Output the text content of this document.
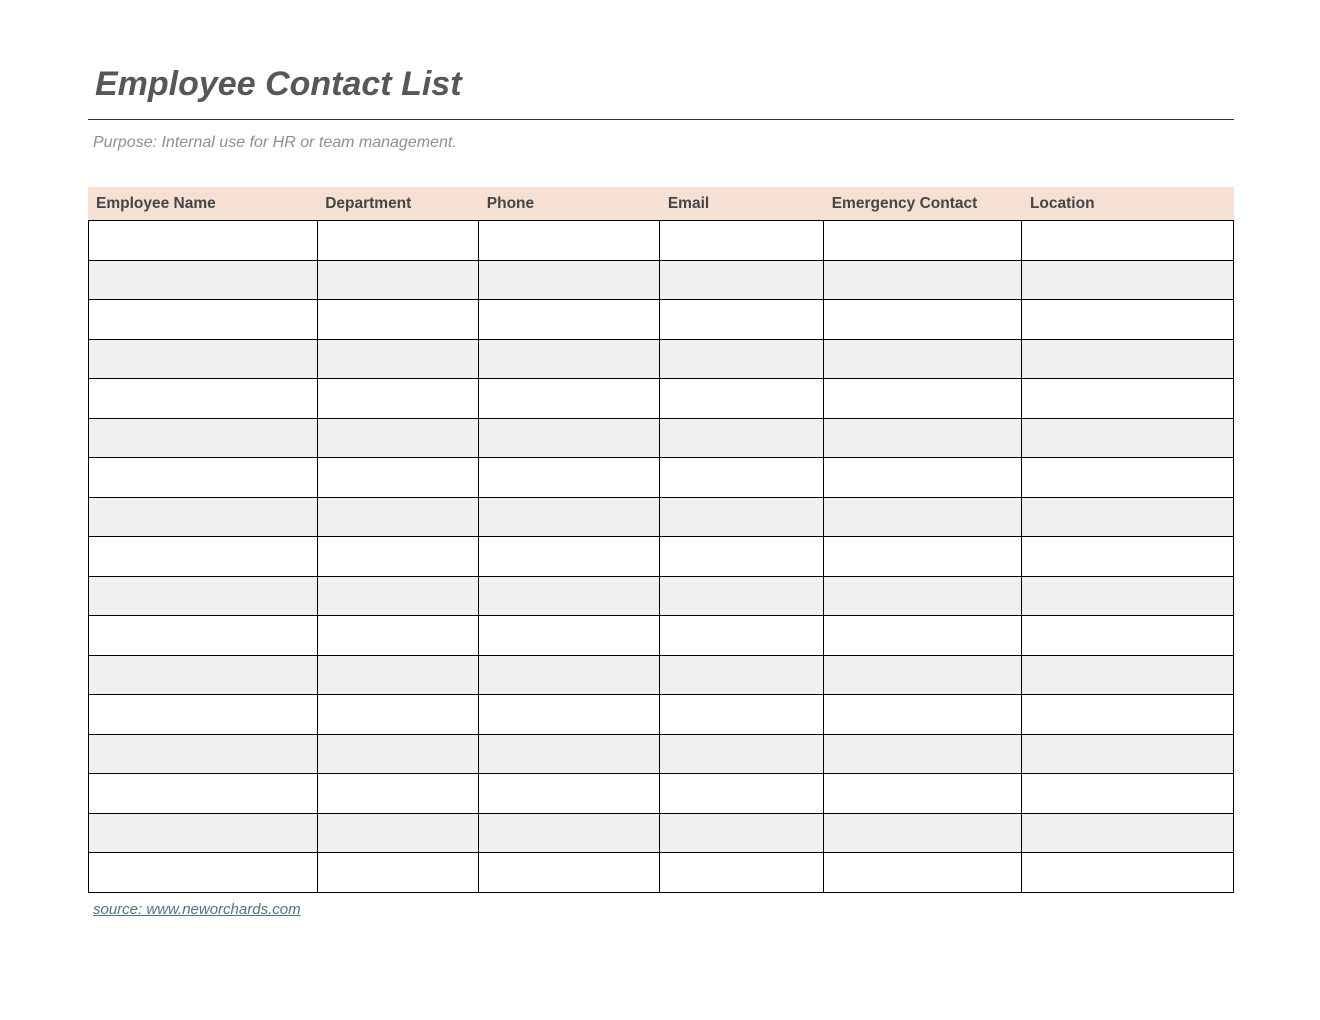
Employee Contact List

Purpose: Internal use for HR or team management.

Employee Name	Department	Phone	Email	Emergency Contact	Location
source: www.neworchards.com
